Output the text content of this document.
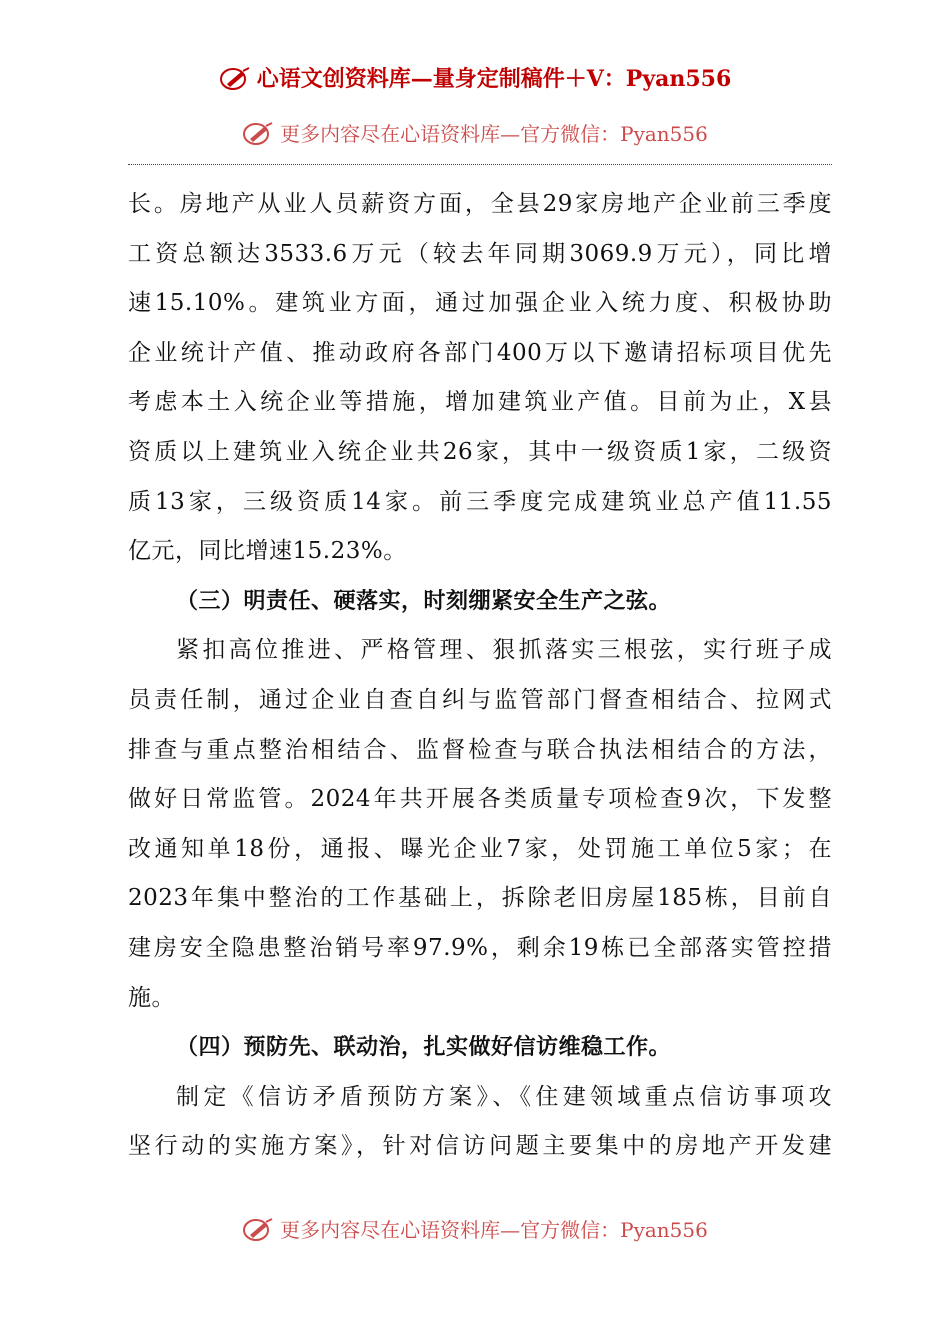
心语文创资料库—量身定制稿件＋V：Pyan556
更多内容尽在心语资料库—官方微信：Pyan556

长。房地产从业人员薪资方面，全县29家房地产企业前三季度
工资总额达3533.6万元（较去年同期3069.9万元），同比增
速15.10%。建筑业方面，通过加强企业入统力度、积极协助
企业统计产值、推动政府各部门400万以下邀请招标项目优先
考虑本土入统企业等措施，增加建筑业产值。目前为止，X县
资质以上建筑业入统企业共26家，其中一级资质1家，二级资
质13家，三级资质14家。前三季度完成建筑业总产值11.55
亿元，同比增速15.23%。

（三）明责任、硬落实，时刻绷紧安全生产之弦。

紧扣高位推进、严格管理、狠抓落实三根弦，实行班子成
员责任制，通过企业自查自纠与监管部门督查相结合、拉网式
排查与重点整治相结合、监督检查与联合执法相结合的方法，
做好日常监管。2024年共开展各类质量专项检查9次，下发整
改通知单18份，通报、曝光企业7家，处罚施工单位5家；在
2023年集中整治的工作基础上，拆除老旧房屋185栋，目前自
建房安全隐患整治销号率97.9%，剩余19栋已全部落实管控措
施。

（四）预防先、联动治，扎实做好信访维稳工作。

制定《信访矛盾预防方案》、《住建领域重点信访事项攻
坚行动的实施方案》，针对信访问题主要集中的房地产开发建

更多内容尽在心语资料库—官方微信：Pyan556
